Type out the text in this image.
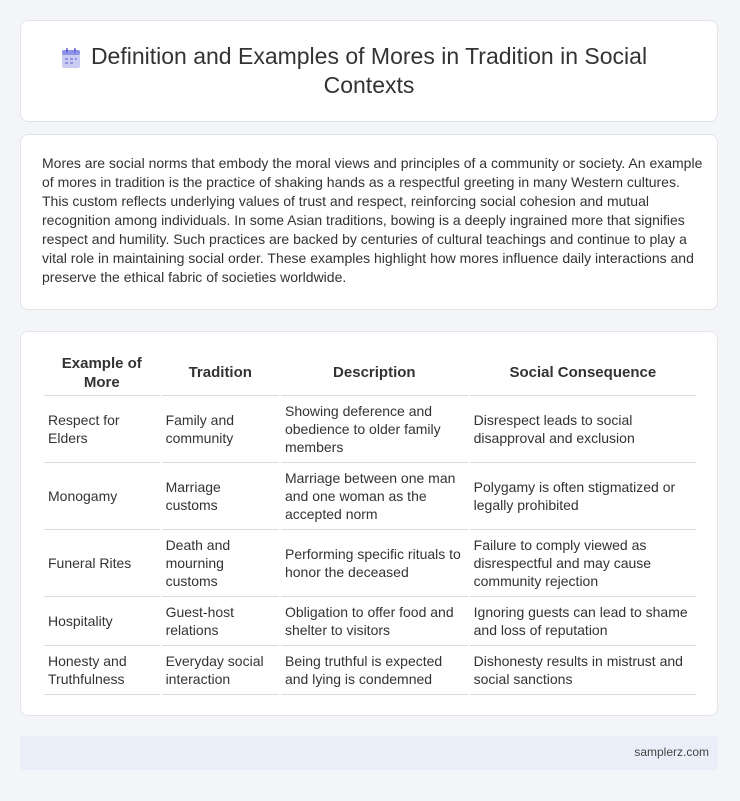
Definition and Examples of Mores in Tradition in Social Contexts

Mores are social norms that embody the moral views and principles of a community or society. An example of mores in tradition is the practice of shaking hands as a respectful greeting in many Western cultures. This custom reflects underlying values of trust and respect, reinforcing social cohesion and mutual recognition among individuals. In some Asian traditions, bowing is a deeply ingrained more that signifies respect and humility. Such practices are backed by centuries of cultural teachings and continue to play a vital role in maintaining social order. These examples highlight how mores influence daily interactions and preserve the ethical fabric of societies worldwide.

Example of More	Tradition	Description	Social Consequence
Respect for Elders	Family and community	Showing deference and obedience to older family members	Disrespect leads to social disapproval and exclusion
Monogamy	Marriage customs	Marriage between one man and one woman as the accepted norm	Polygamy is often stigmatized or legally prohibited
Funeral Rites	Death and mourning customs	Performing specific rituals to honor the deceased	Failure to comply viewed as disrespectful and may cause community rejection
Hospitality	Guest-host relations	Obligation to offer food and shelter to visitors	Ignoring guests can lead to shame and loss of reputation
Honesty and Truthfulness	Everyday social interaction	Being truthful is expected and lying is condemned	Dishonesty results in mistrust and social sanctions
samplerz.com
